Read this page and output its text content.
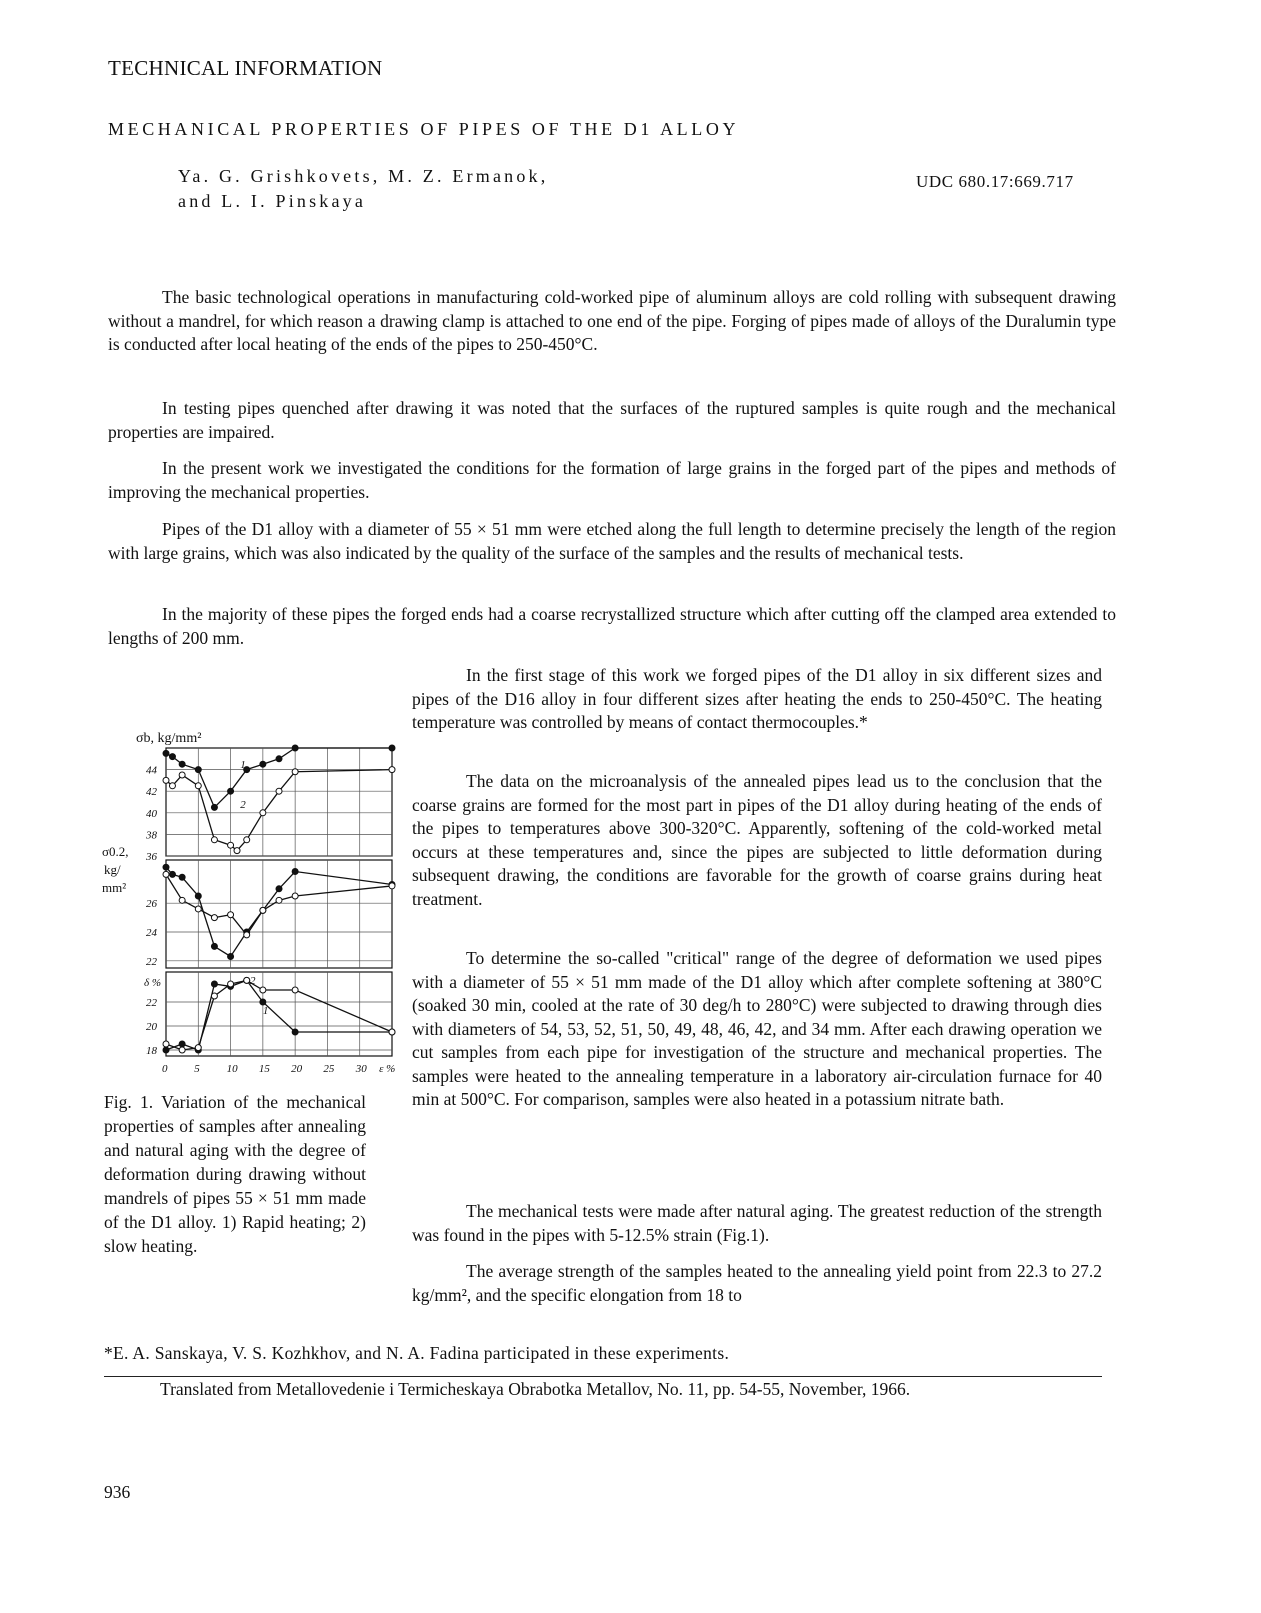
TECHNICAL INFORMATION
MECHANICAL PROPERTIES OF PIPES OF THE D1 ALLOY
Ya. G. Grishkovets, M. Z. Ermanok,
and L. I. Pinskaya
UDC 680.17:669.717
The basic technological operations in manufacturing cold-worked pipe of aluminum alloys are cold rolling with subsequent drawing without a mandrel, for which reason a drawing clamp is attached to one end of the pipe. Forging of pipes made of alloys of the Duralumin type is conducted after local heating of the ends of the pipes to 250-450°C.
In testing pipes quenched after drawing it was noted that the surfaces of the ruptured samples is quite rough and the mechanical properties are impaired.
In the present work we investigated the conditions for the formation of large grains in the forged part of the pipes and methods of improving the mechanical properties.
Pipes of the D1 alloy with a diameter of 55 × 51 mm were etched along the full length to determine precisely the length of the region with large grains, which was also indicated by the quality of the surface of the samples and the results of mechanical tests.
In the majority of these pipes the forged ends had a coarse recrystallized structure which after cutting off the clamped area extended to lengths of 200 mm.
In the first stage of this work we forged pipes of the D1 alloy in six different sizes and pipes of the D16 alloy in four different sizes after heating the ends to 250-450°C. The heating temperature was controlled by means of contact thermocouples.*
The data on the microanalysis of the annealed pipes lead us to the conclusion that the coarse grains are formed for the most part in pipes of the D1 alloy during heating of the ends of the pipes to temperatures above 300-320°C. Apparently, softening of the cold-worked metal occurs at these temperatures and, since the pipes are subjected to little deformation during subsequent drawing, the conditions are favorable for the growth of coarse grains during heat treatment.
To determine the so-called "critical" range of the degree of deformation we used pipes with a diameter of 55 × 51 mm made of the D1 alloy which after complete softening at 380°C (soaked 30 min, cooled at the rate of 30 deg/h to 280°C) were subjected to drawing through dies with diameters of 54, 53, 52, 51, 50, 49, 48, 46, 42, and 34 mm. After each drawing operation we cut samples from each pipe for investigation of the structure and mechanical properties. The samples were heated to the annealing temperature in a laboratory air-circulation furnace for 40 min at 500°C. For comparison, samples were also heated in a potassium nitrate bath.
The mechanical tests were made after natural aging. The greatest reduction of the strength was found in the pipes with 5-12.5% strain (Fig.1).
The average strength of the samples heated to the annealing yield point from 22.3 to 27.2 kg/mm², and the specific elongation from 18 to
36
38
40
42
44
22
24
26
18
20
22
0 5 10 15 20 25 30 ε %
σb, kg/mm²
σ0.2,
kg/
mm²
δ %
1
2
1
2
Fig. 1. Variation of the mechanical properties of samples after annealing and natural aging with the degree of deformation during drawing without mandrels of pipes 55 × 51 mm made of the D1 alloy. 1) Rapid heating; 2) slow heating.
*E. A. Sanskaya, V. S. Kozhkhov, and N. A. Fadina participated in these experiments.
Translated from Metallovedenie i Termicheskaya Obrabotka Metallov, No. 11, pp. 54-55, November, 1966.
936
